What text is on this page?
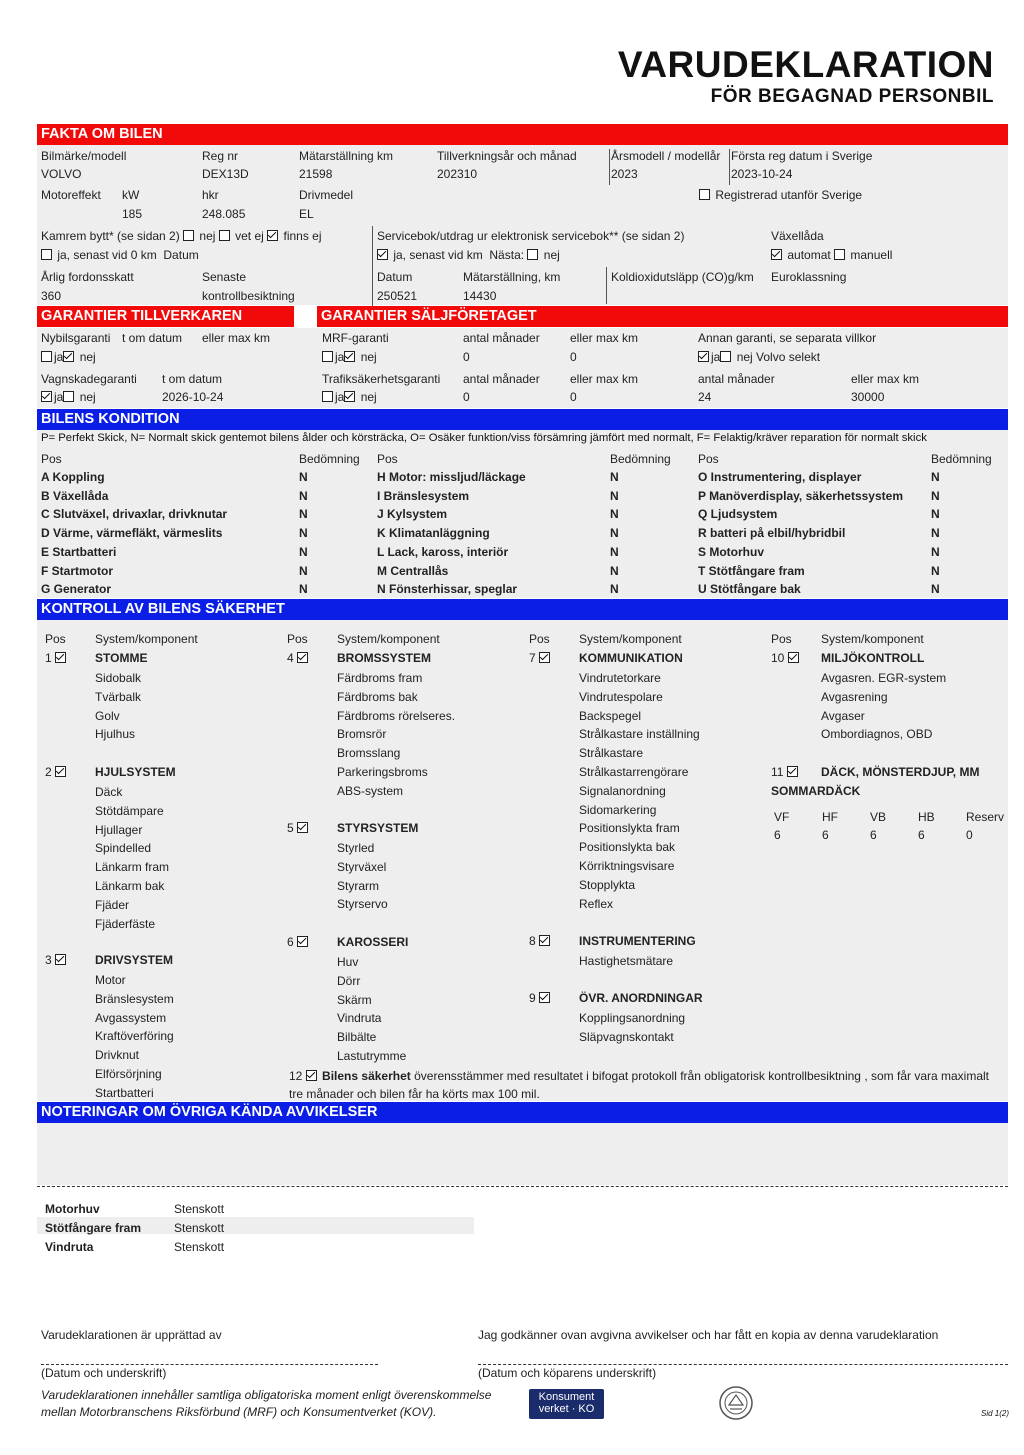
VARUDEKLARATION
FÖR BEGAGNAD PERSONBIL
FAKTA OM BILEN
Bilmärke/modell
VOLVO
Reg nr
DEX13D
Mätarställning km
21598
Tillverkningsår och månad
202310
Årsmodell / modellår
2023
Första reg datum i Sverige
2023-10-24
Motoreffekt kW
185
hkr
248.085
Drivmedel
EL
Registrerad utanför Sverige
Kamrem bytt* (se sidan 2) nej vet ej finns ej
ja, senast vid 0 km Datum
Servicebok/utdrag ur elektronisk servicebok** (se sidan 2)
ja, senast vid km Nästa: nej
Växellåda
automat manuell
Årlig fordonsskatt
360
Senaste
kontrollbesiktning
Datum
250521
Mätarställning, km
14430
Koldioxidutsläpp (CO)g/km Euroklassning
GARANTIER TILLVERKAREN	GARANTIER SÄLJFÖRETAGET
Nybilsgaranti t om datum eller max km
ja nej
Vagnskadegaranti t om datum
ja nej	2026-10-24
MRF-garanti	antal månader	eller max km	Annan garanti, se separata villkor
ja nej	0	0	ja nej Volvo selekt
Trafiksäkerhetsgaranti antal månader	eller max km	antal månader	eller max km
ja nej	0	0	24	30000
BILENS KONDITION
P= Perfekt Skick, N= Normalt skick gentemot bilens ålder och körsträcka, O= Osäker funktion/viss försämring jämfört med normalt, F= Felaktig/kräver reparation för normalt skick
Pos	Bedömning Pos	Bedömning Pos	Bedömning
A Koppling	N
B Växellåda	N
C Slutväxel, drivaxlar, drivknutar	N
D Värme, värmefläkt, värmeslits	N
E Startbatteri	N
F Startmotor	N
G Generator	N
H Motor: missljud/läckage	N
I Bränslesystem	N
J Kylsystem	N
K Klimatanläggning	N
L Lack, kaross, interiör	N
M Centrallås	N
N Fönsterhissar, speglar	N
O Instrumentering, displayer	N
P Manöverdisplay, säkerhetssystem N
Q Ljudsystem	N
R batteri på elbil/hybridbil	N
S Motorhuv	N
T Stötfångare fram	N
U Stötfångare bak	N
KONTROLL AV BILENS SÄKERHET
Pos System/komponent	Pos System/komponent	Pos System/komponent	Pos System/komponent
1	STOMME
Sidobalk
Tvärbalk
Golv
Hjulhus
2	HJULSYSTEM
Däck
Stötdämpare
Hjullager
Spindelled
Länkarm fram
Länkarm bak
Fjäder
Fjäderfäste
3	DRIVSYSTEM
Motor
Bränslesystem
Avgassystem
Kraftöverföring
Drivknut
Elförsörjning
Startbatteri
4	BROMSSYSTEM
Färdbroms fram
Färdbroms bak
Färdbroms rörelseres.
Bromsrör
Bromsslang
Parkeringsbroms
ABS-system
5	STYRSYSTEM
Styrled
Styrväxel
Styrarm
Styrservo
6	KAROSSERI
Huv
Dörr
Skärm
Vindruta
Bilbälte
Lastutrymme
7	KOMMUNIKATION
Vindrutetorkare
Vindrutespolare
Backspegel
Strålkastare inställning
Strålkastare
Strålkastarrengörare
Signalanordning
Sidomarkering
Positionslykta fram
Positionslykta bak
Körriktningsvisare
Stopplykta
Reflex
8	INSTRUMENTERING
Hastighetsmätare
9	ÖVR. ANORDNINGAR
Kopplingsanordning
Släpvagnskontakt
10	MILJÖKONTROLL
Avgasren. EGR-system
Avgasrening
Avgaser
Ombordiagnos, OBD
11	DÄCK, MÖNSTERDJUP, MM
SOMMARDÄCK
VF
6
HF
6
VB
6
HB
6
Reserv
0
12 Bilens säkerhet överensstämmer med resultatet i bifogat protokoll från obligatorisk kontrollbesiktning , som får vara maximalt
tre månader och bilen får ha körts max 100 mil.
NOTERINGAR OM ÖVRIGA KÄNDA AVVIKELSER
Motorhuv	Stenskott
Stötfångare fram	Stenskott
Vindruta	Stenskott
Varudeklarationen är upprättad av	Jag godkänner ovan avgivna avvikelser och har fått en kopia av denna varudeklaration
(Datum och underskrift)	(Datum och köparens underskrift)
Varudeklarationen innehåller samtliga obligatoriska moment enligt överenskommelse
mellan Motorbranschens Riksförbund (MRF) och Konsumentverket (KOV).
Konsument
verket · KO	Sid 1(2)
